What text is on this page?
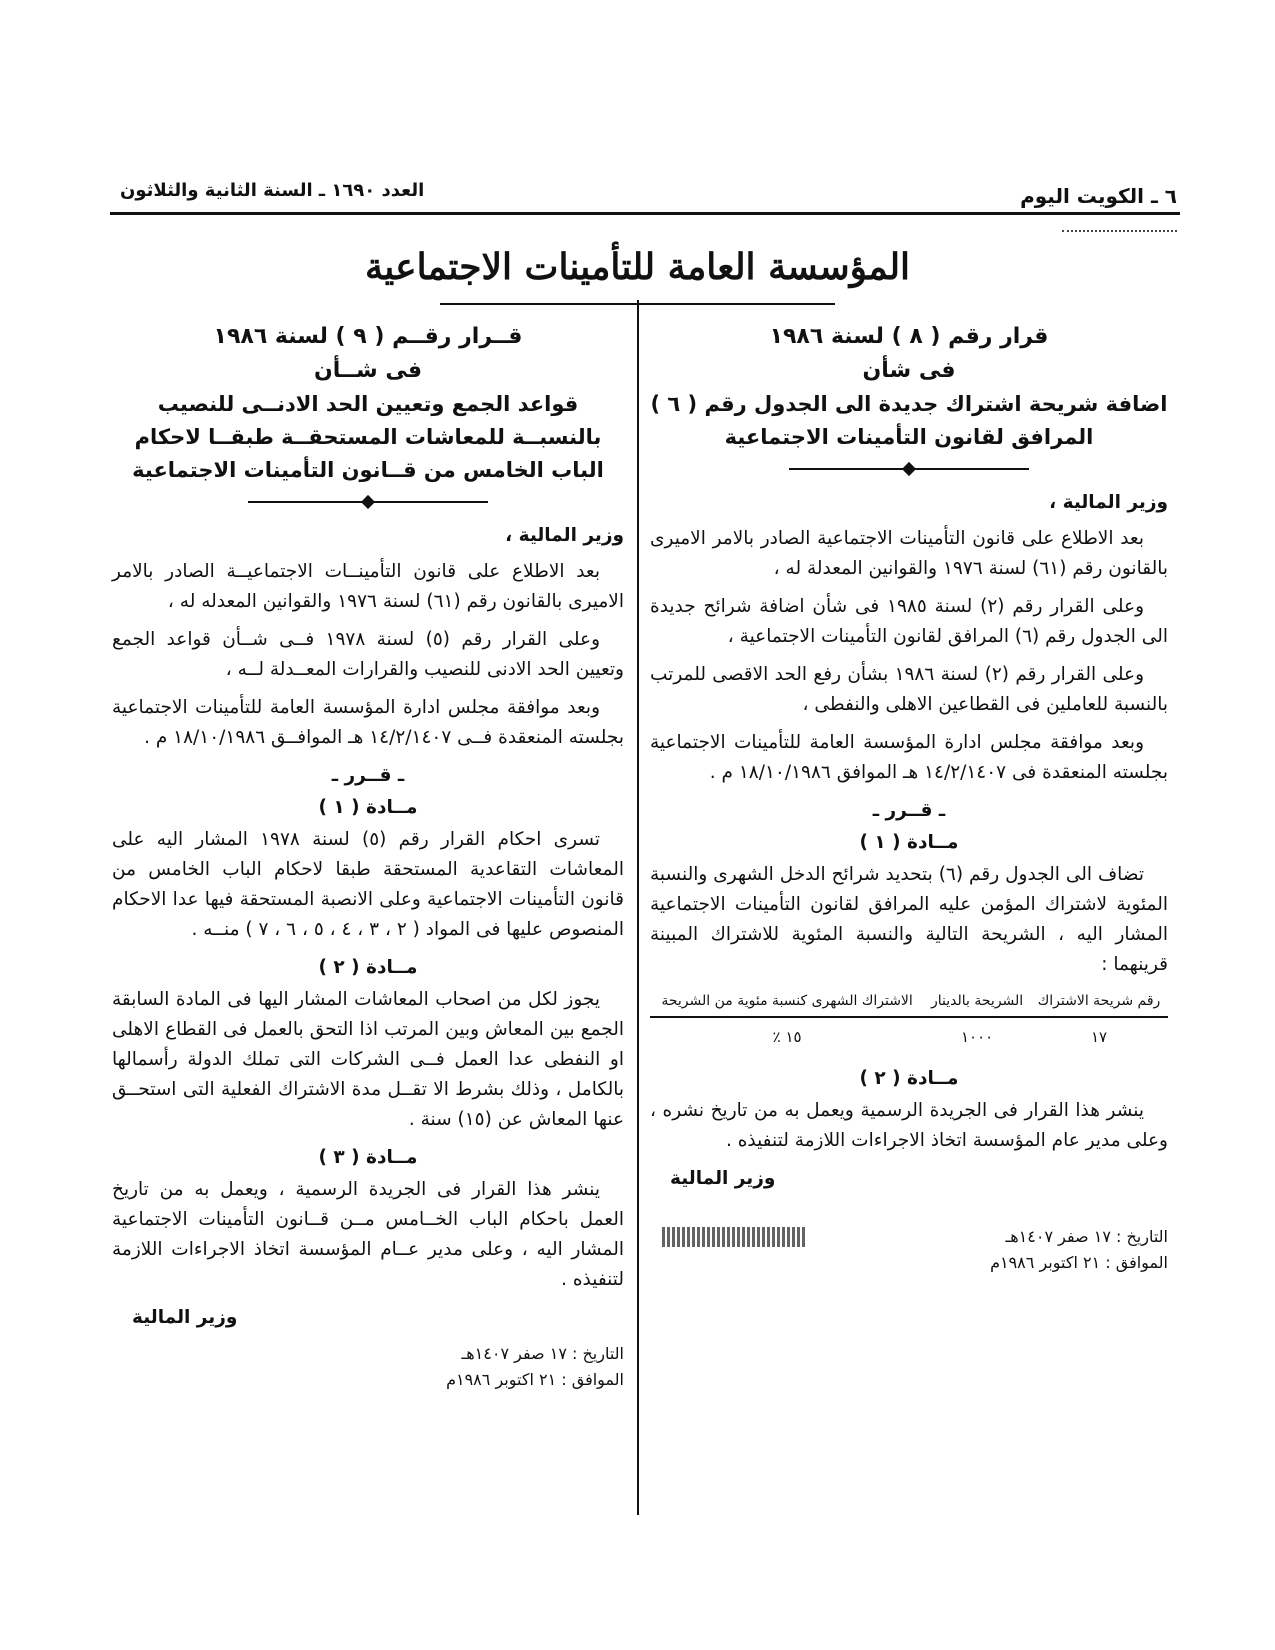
٦ ـ الكويت اليوم
العدد ١٦٩٠ ـ السنة الثانية والثلاثون
المؤسسة العامة للتأمينات الاجتماعية

قرار رقم ( ٨ ) لسنة ١٩٨٦

فى شأن

اضافة شريحة اشتراك جديدة الى الجدول رقم ( ٦ ) المرافق لقانون التأمينات الاجتماعية

وزير المالية ،

بعد الاطلاع على قانون التأمينات الاجتماعية الصادر بالامر الاميرى بالقانون رقم (٦١) لسنة ١٩٧٦ والقوانين المعدلة له ،

وعلى القرار رقم (٢) لسنة ١٩٨٥ فى شأن اضافة شرائح جديدة الى الجدول رقم (٦) المرافق لقانون التأمينات الاجتماعية ،

وعلى القرار رقم (٢) لسنة ١٩٨٦ بشأن رفع الحد الاقصى للمرتب بالنسبة للعاملين فى القطاعين الاهلى والنفطى ،

وبعد موافقة مجلس ادارة المؤسسة العامة للتأمينات الاجتماعية بجلسته المنعقدة فى ١٤/٢/١٤٠٧ هـ الموافق ١٨/١٠/١٩٨٦ م .

ـ قــرر ـ

مــادة ( ١ )

تضاف الى الجدول رقم (٦) بتحديد شرائح الدخل الشهرى والنسبة المئوية لاشتراك المؤمن عليه المرافق لقانون التأمينات الاجتماعية المشار اليه ، الشريحة التالية والنسبة المئوية للاشتراك المبينة قرينهما :

رقم شريحة الاشتراك	الشريحة بالدينار	الاشتراك الشهرى كنسبة مئوية من الشريحة
١٧	١٠٠٠	١٥ ٪

مــادة ( ٢ )

ينشر هذا القرار فى الجريدة الرسمية ويعمل به من تاريخ نشره ، وعلى مدير عام المؤسسة اتخاذ الاجراءات اللازمة لتنفيذه .

وزير المالية

التاريخ : ١٧ صفر ١٤٠٧هـ

الموافق : ٢١ اكتوبر ١٩٨٦م

قــرار رقــم ( ٩ ) لسنة ١٩٨٦

فى شــأن

قواعد الجمع وتعيين الحد الادنــى للنصيب بالنسبــة للمعاشات المستحقــة طبقــا لاحكام الباب الخامس من قــانون التأمينات الاجتماعية

وزير المالية ،

بعد الاطلاع على قانون التأمينــات الاجتماعيــة الصادر بالامر الاميرى بالقانون رقم (٦١) لسنة ١٩٧٦ والقوانين المعدله له ،

وعلى القرار رقم (٥) لسنة ١٩٧٨ فــى شــأن قواعد الجمع وتعيين الحد الادنى للنصيب والقرارات المعــدلة لــه ،

وبعد موافقة مجلس ادارة المؤسسة العامة للتأمينات الاجتماعية بجلسته المنعقدة فــى ١٤/٢/١٤٠٧ هـ الموافــق ١٨/١٠/١٩٨٦ م .

ـ قــرر ـ

مــادة ( ١ )

تسرى احكام القرار رقم (٥) لسنة ١٩٧٨ المشار اليه على المعاشات التقاعدية المستحقة طبقا لاحكام الباب الخامس من قانون التأمينات الاجتماعية وعلى الانصبة المستحقة فيها عدا الاحكام المنصوص عليها فى المواد ( ٢ ، ٣ ، ٤ ، ٥ ، ٦ ، ٧ ) منــه .

مــادة ( ٢ )

يجوز لكل من اصحاب المعاشات المشار اليها فى المادة السابقة الجمع بين المعاش وبين المرتب اذا التحق بالعمل فى القطاع الاهلى او النفطى عدا العمل فــى الشركات التى تملك الدولة رأسمالها بالكامل ، وذلك بشرط الا تقــل مدة الاشتراك الفعلية التى استحــق عنها المعاش عن (١٥) سنة .

مــادة ( ٣ )

ينشر هذا القرار فى الجريدة الرسمية ، ويعمل به من تاريخ العمل باحكام الباب الخــامس مــن قــانون التأمينات الاجتماعية المشار اليه ، وعلى مدير عــام المؤسسة اتخاذ الاجراءات اللازمة لتنفيذه .

وزير المالية

التاريخ : ١٧ صفر ١٤٠٧هـ

الموافق : ٢١ اكتوبر ١٩٨٦م
